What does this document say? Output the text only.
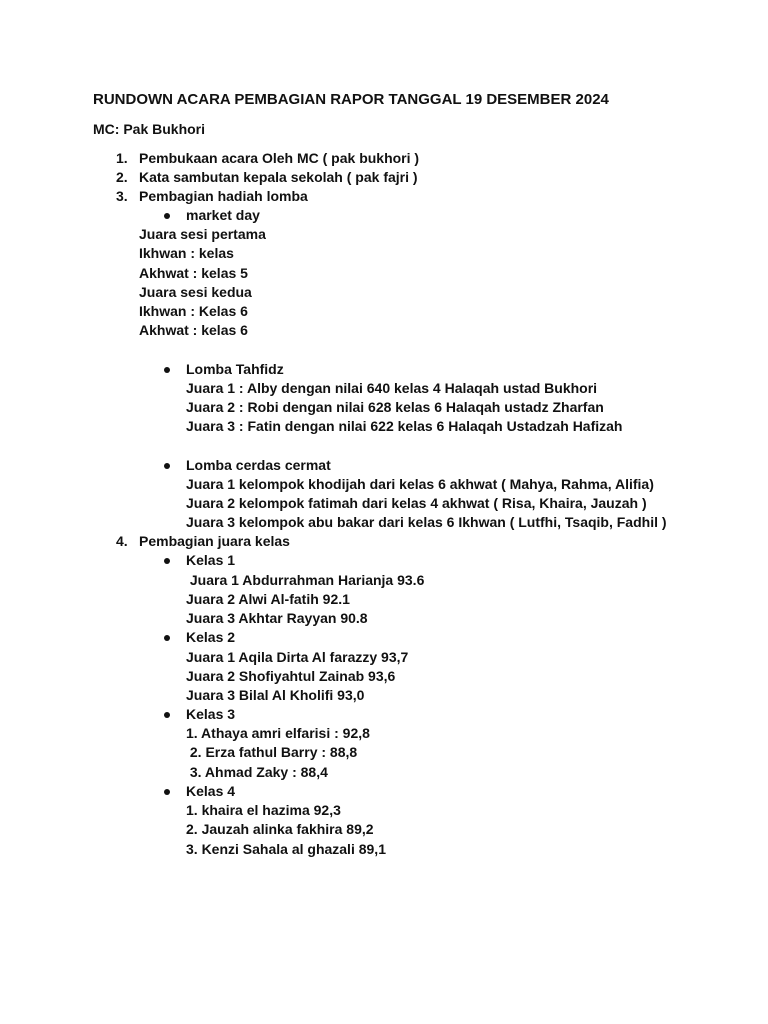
RUNDOWN ACARA PEMBAGIAN RAPOR TANGGAL 19 DESEMBER 2024
MC: Pak Bukhori
1. Pembukaan acara Oleh MC ( pak bukhori )
2. Kata sambutan kepala sekolah ( pak fajri )
3. Pembagian hadiah lomba
market day
Juara sesi pertama
Ikhwan : kelas
Akhwat : kelas 5
Juara sesi kedua
Ikhwan : Kelas 6
Akhwat : kelas 6
Lomba Tahfidz
Juara 1 : Alby dengan nilai 640 kelas 4 Halaqah ustad Bukhori
Juara 2 : Robi dengan nilai 628 kelas 6 Halaqah ustadz Zharfan
Juara 3 : Fatin dengan nilai 622 kelas 6 Halaqah Ustadzah Hafizah
Lomba cerdas cermat
Juara 1 kelompok khodijah dari kelas 6 akhwat ( Mahya, Rahma, Alifia)
Juara 2 kelompok fatimah dari kelas 4 akhwat ( Risa, Khaira, Jauzah )
Juara 3 kelompok abu bakar dari kelas 6 Ikhwan ( Lutfhi, Tsaqib, Fadhil )
4. Pembagian juara kelas
Kelas 1
Juara 1 Abdurrahman Harianja 93.6
Juara 2 Alwi Al-fatih 92.1
Juara 3 Akhtar Rayyan 90.8
Kelas 2
Juara 1 Aqila Dirta Al farazzy 93,7
Juara 2 Shofiyahtul Zainab 93,6
Juara 3 Bilal Al Kholifi 93,0
Kelas 3
1. Athaya amri elfarisi : 92,8
2. Erza fathul Barry : 88,8
3. Ahmad Zaky : 88,4
Kelas 4
1. khaira el hazima 92,3
2. Jauzah alinka fakhira 89,2
3. Kenzi Sahala al ghazali 89,1
